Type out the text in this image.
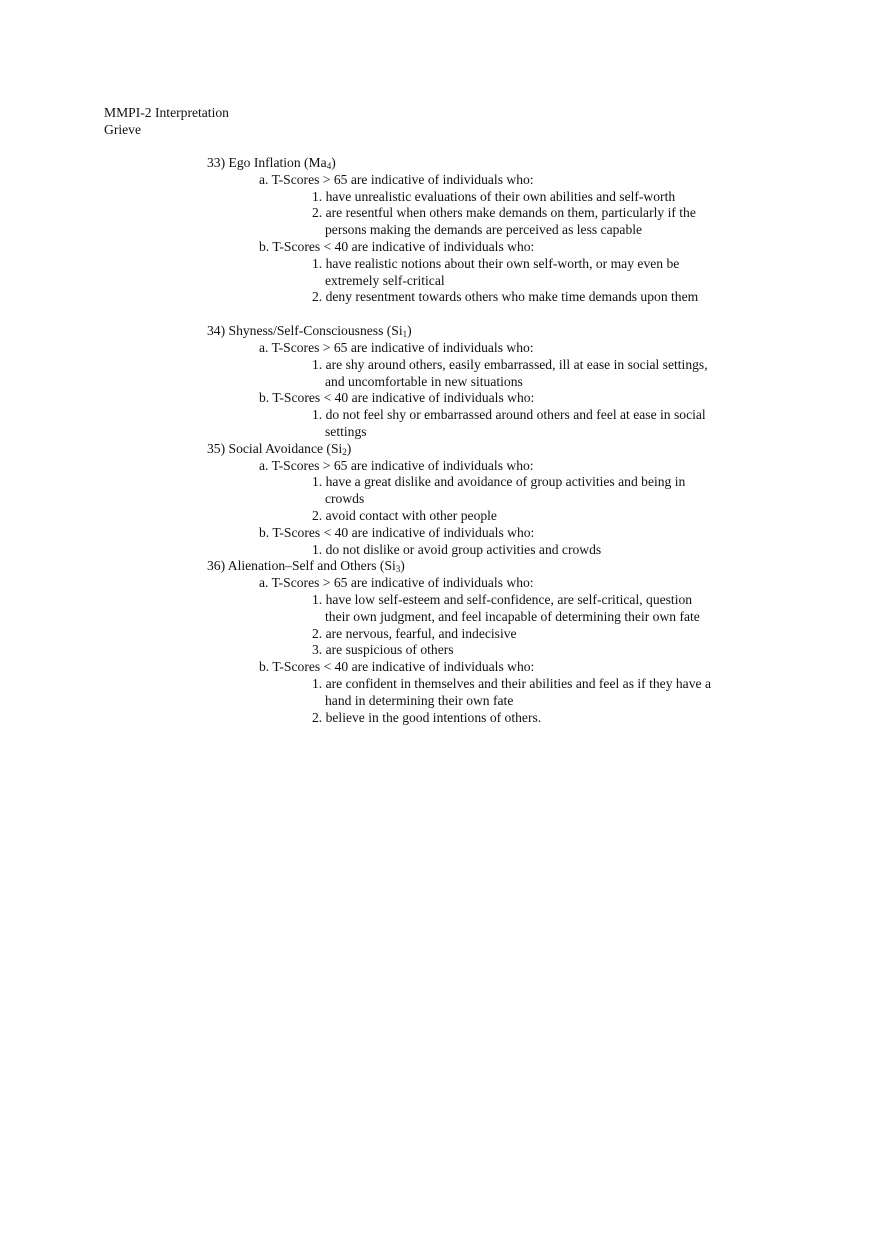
MMPI-2 Interpretation
Grieve
33) Ego Inflation $(Ma_4)$
a. T-Scores > 65 are indicative of individuals who:
1. have unrealistic evaluations of their own abilities and self-worth
2. are resentful when others make demands on them, particularly if the persons making the demands are perceived as less capable
b. T-Scores < 40 are indicative of individuals who:
1. have realistic notions about their own self-worth, or may even be extremely self-critical
2. deny resentment towards others who make time demands upon them
34) Shyness/Self-Consciousness $(Si_1)$
a. T-Scores > 65 are indicative of individuals who:
1. are shy around others, easily embarrassed, ill at ease in social settings, and uncomfortable in new situations
b. T-Scores < 40 are indicative of individuals who:
1. do not feel shy or embarrassed around others and feel at ease in social settings
35) Social Avoidance $(Si_2)$
a. T-Scores > 65 are indicative of individuals who:
1. have a great dislike and avoidance of group activities and being in crowds
2. avoid contact with other people
b. T-Scores < 40 are indicative of individuals who:
1. do not dislike or avoid group activities and crowds
36) Alienation–Self and Others $(Si_3)$
a. T-Scores > 65 are indicative of individuals who:
1. have low self-esteem and self-confidence, are self-critical, question their own judgment, and feel incapable of determining their own fate
2. are nervous, fearful, and indecisive
3. are suspicious of others
b. T-Scores < 40 are indicative of individuals who:
1. are confident in themselves and their abilities and feel as if they have a hand in determining their own fate
2. believe in the good intentions of others.
